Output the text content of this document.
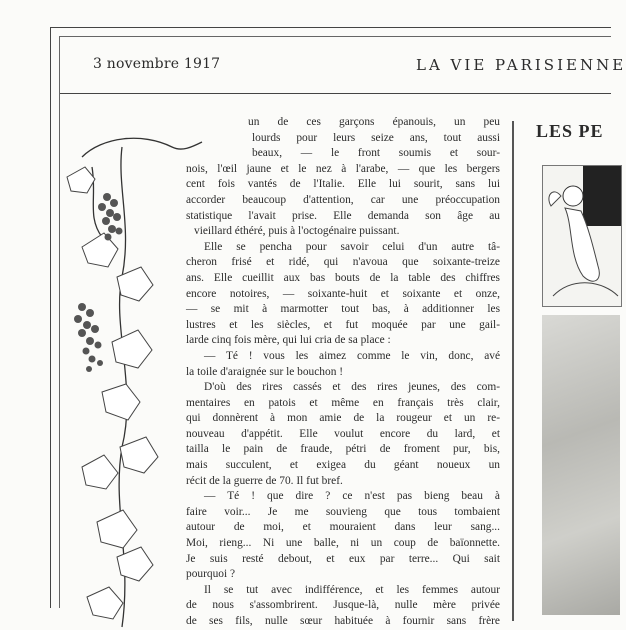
3 novembre 1917	LA VIE PARISIENNE

un de ces garçons épanouis, un peu

lourds pour leurs seize ans, tout aussi

beaux, — le front soumis et sour-

nois, l'œil jaune et le nez à l'arabe, — que les bergers

cent fois vantés de l'Italie. Elle lui sourit, sans lui

accorder beaucoup d'attention, car une préoccupation

statistique l'avait prise. Elle demanda son âge au

vieillard éthéré, puis à l'octogénaire puissant.

Elle se pencha pour savoir celui d'un autre tâ-

cheron frisé et ridé, qui n'avoua que soixante-treize

ans. Elle cueillit aux bas bouts de la table des chiffres

encore notoires, — soixante-huit et soixante et onze,

— se mit à marmotter tout bas, à additionner les

lustres et les siècles, et fut moquée par une gail-

larde cinq fois mère, qui lui cria de sa place :

— Té ! vous les aimez comme le vin, donc, avé

la toile d'araignée sur le bouchon !

D'où des rires cassés et des rires jeunes, des com-

mentaires en patois et même en français très clair,

qui donnèrent à mon amie de la rougeur et un re-

nouveau d'appétit. Elle voulut encore du lard, et

tailla le pain de fraude, pétri de froment pur, bis,

mais succulent, et exigea du géant noueux un

récit de la guerre de 70. Il fut bref.

— Té ! que dire ? ce n'est pas bieng beau à

faire voir... Je me souvieng que tous tombaient

autour de moi, et mouraient dans leur sang...

Moi, rieng... Ni une balle, ni un coup de baïonnette.

Je suis resté debout, et eux par terre... Qui sait

pourquoi ?

Il se tut avec indifférence, et les femmes autour

de nous s'assombrirent. Jusque-là, nulle mère privée

de ses fils, nulle sœur habituée à fournir sans frère

LES PE
